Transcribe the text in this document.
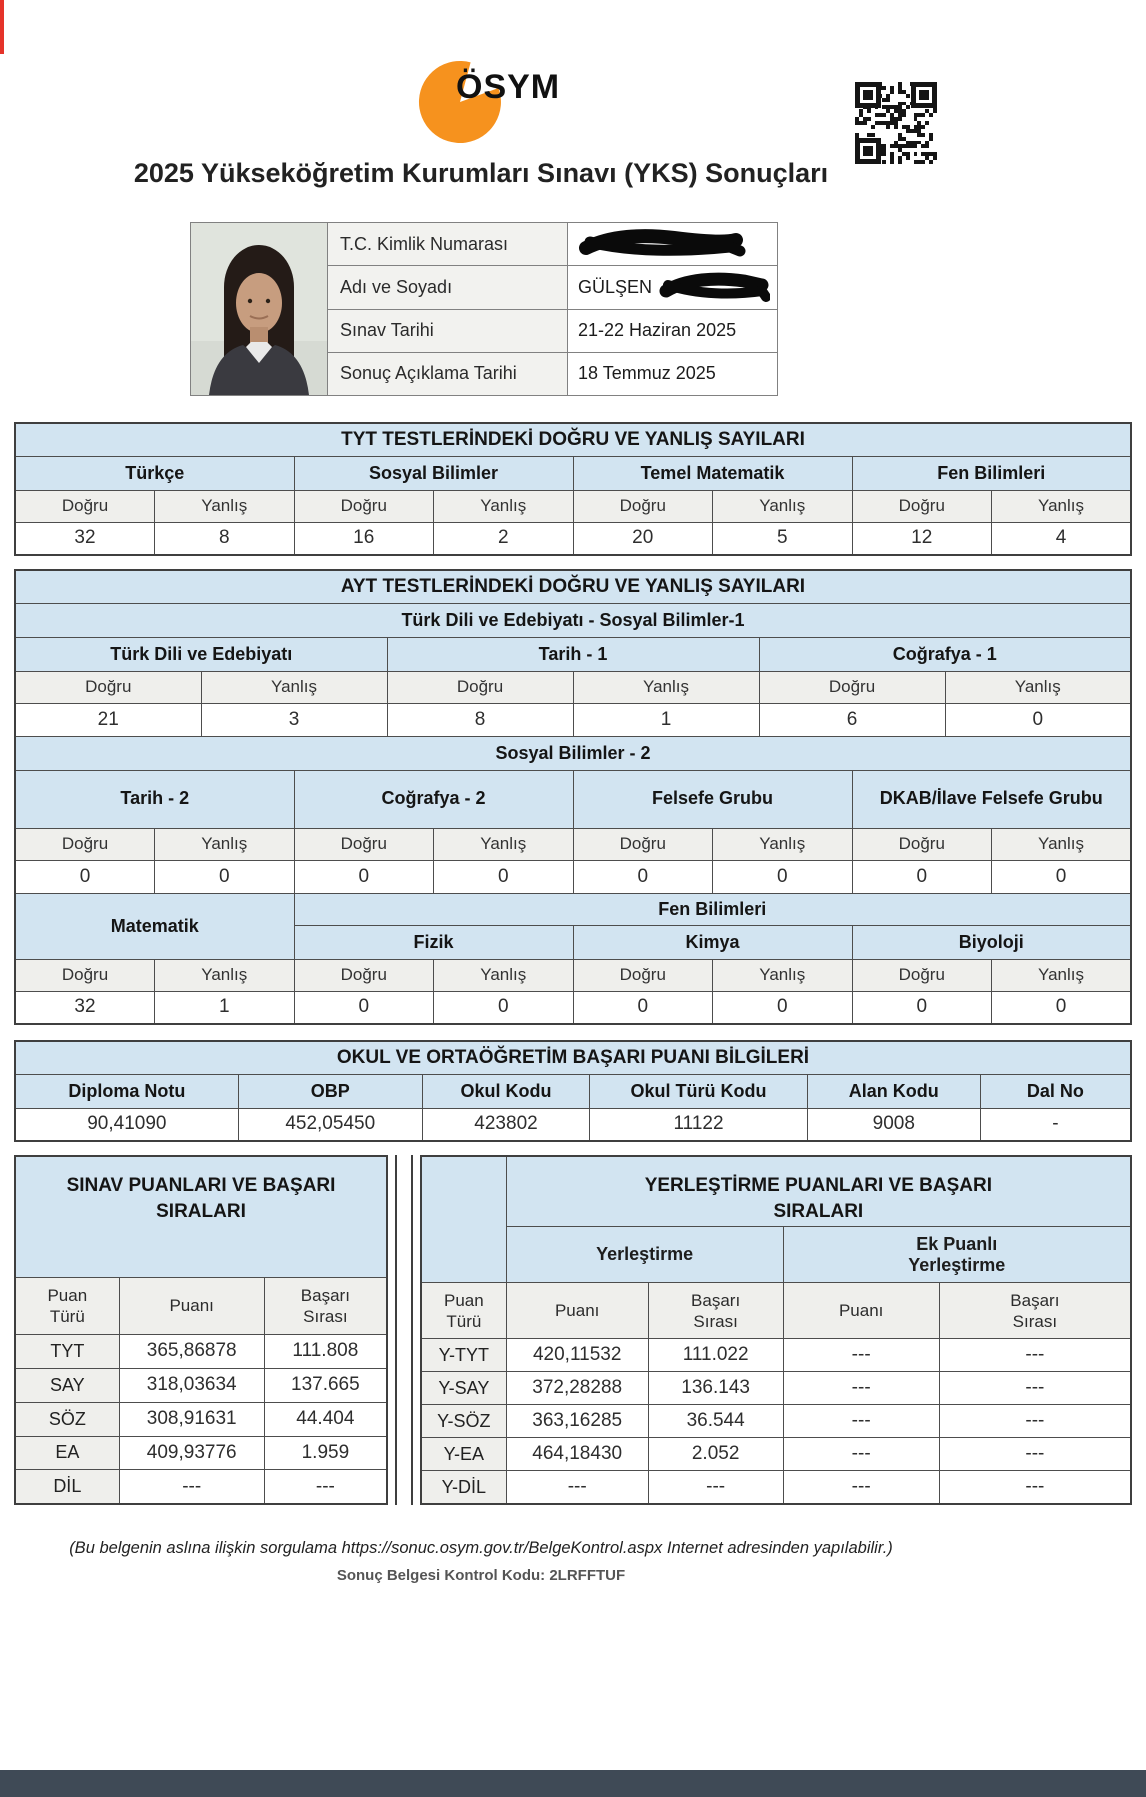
ÖSYM
2025 Yükseköğretim Kurumları Sınavı (YKS) Sonuçları
	T.C. Kimlik Numarası	

	Adı ve Soyadı	GÜLŞEN

	Sınav Tarihi	21-22 Haziran 2025
	Sonuç Açıklama Tarihi	18 Temmuz 2025
TYT TESTLERİNDEKİ DOĞRU VE YANLIŞ SAYILARI							
Türkçe		Sosyal Bilimler		Temel Matematik		Fen Bilimleri	
Doğru	Yanlış	Doğru	Yanlış	Doğru	Yanlış	Doğru	Yanlış
32	8	16	2	20	5	12	4
AYT TESTLERİNDEKİ DOĞRU VE YANLIŞ SAYILARI											
Türk Dili ve Edebiyatı - Sosyal Bilimler-1											
Türk Dili ve Edebiyatı				Tarih - 1				Coğrafya - 1			
Doğru		Yanlış		Doğru		Yanlış		Doğru		Yanlış	
21		3		8		1		6		0	
Sosyal Bilimler - 2											
Tarih - 2			Coğrafya - 2			Felsefe Grubu			DKAB/İlave Felsefe Grubu		
Doğru	Yanlış		Doğru		Yanlış	Doğru	Yanlış		Doğru		Yanlış
0	0		0		0	0	0		0		0
Matematik			Fen Bilimleri								
			Fizik			Kimya			Biyoloji		
Doğru	Yanlış		Doğru		Yanlış	Doğru	Yanlış		Doğru		Yanlış
32	1		0		0	0	0		0		0
OKUL VE ORTAÖĞRETİM BAŞARI PUANI BİLGİLERİ					
Diploma Notu	OBP	Okul Kodu	Okul Türü Kodu	Alan Kodu	Dal No
90,41090	452,05450	423802	11122	9008	-
SINAV PUANLARI VE BAŞARI SIRALARI		
Puan Türü	Puanı	Başarı Sırası
TYT	365,86878	111.808
SAY	318,03634	137.665
SÖZ	308,91631	44.404
EA	409,93776	1.959
DİL	---	---
	YERLEŞTİRME PUANLARI VE BAŞARI SIRALARI			
	Yerleştirme		Ek Puanlı Yerleştirme	
Puan Türü	Puanı	Başarı Sırası	Puanı	Başarı Sırası
Y-TYT	420,11532	111.022	---	---
Y-SAY	372,28288	136.143	---	---
Y-SÖZ	363,16285	36.544	---	---
Y-EA	464,18430	2.052	---	---
Y-DİL	---	---	---	---
(Bu belgenin aslına ilişkin sorgulama https://sonuc.osym.gov.tr/BelgeKontrol.aspx Internet adresinden yapılabilir.)
Sonuç Belgesi Kontrol Kodu: 2LRFFTUF
